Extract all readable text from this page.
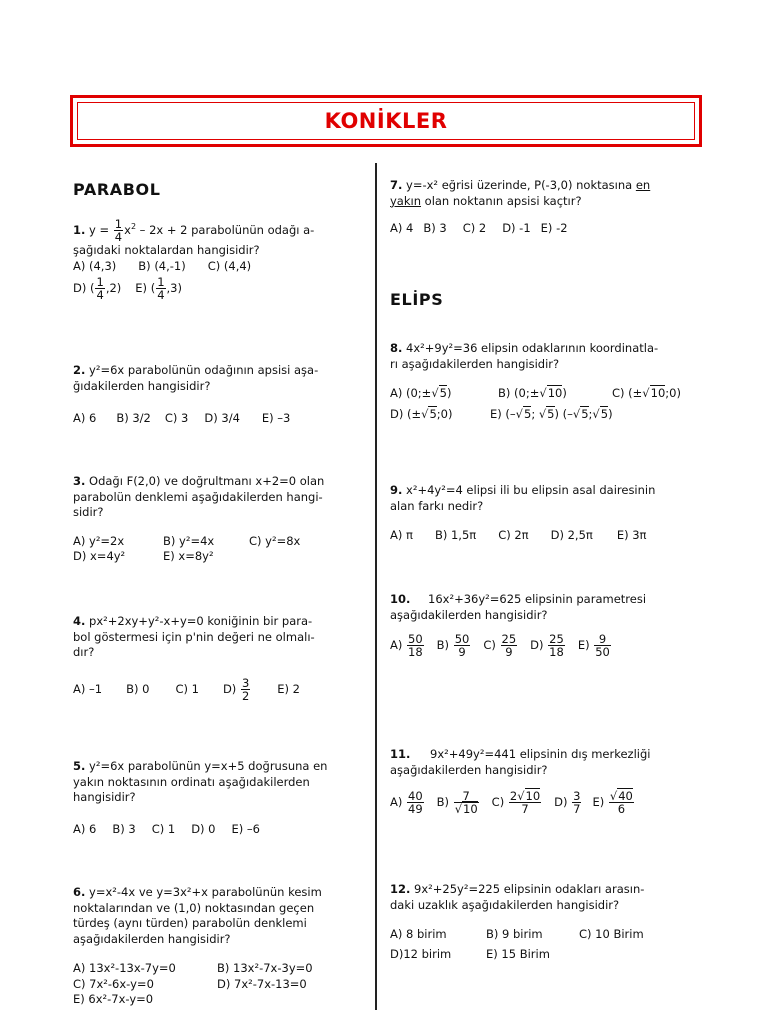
KONİKLER
PARABOL
1. $y = \frac{1}{4} x^2 - 2x + 2$ parabolünün odağı a-
şağıdaki noktalardan hangisidir?
A) (4,3) B) (4,-1) C) (4,4)
D) ( $\frac{1}{4} ,2$) E) ( $\frac{1}{4} ,3$)
2. y²=6x parabolünün odağının apsisi aşa-
ğıdakilerden hangisidir?
A) 6 B) 3/2 C) 3 D) 3/4 E) –3
3. Odağı F(2,0) ve doğrultmanı x+2=0 olan
parabolün denklemi aşağıdakilerden hangi-
sidir?
A) y²=2x	B) y²=4x	C) y²=8x
D) x=4y²	E) x=8y²
4. px²+2xy+y²-x+y=0 koniğinin bir para-
bol göstermesi için p'nin değeri ne olmalı-
dır?
A) –1 B) 0 C) 1 $D) \frac{3}{2} E$) 2
5. y²=6x parabolünün y=x+5 doğrusuna en
yakın noktasının ordinatı aşağıdakilerden
hangisidir?
A) 6 B) 3 C) 1 D) 0 E) –6
6. y=x²-4x ve y=3x²+x parabolünün kesim
noktalarından ve (1,0) noktasından geçen
türdeş (aynı türden) parabolün denklemi
aşağıdakilerden hangisidir?
A) 13x²-13x-7y=0	B) 13x²-7x-3y=0
C) 7x²-6x-y=0	D) 7x²-7x-13=0
E) 6x²-7x-y=0
7. y=-x² eğrisi üzerinde, P(-3,0) noktasına en
yakın olan noktanın apsisi kaçtır?
A) 4 B) 3 C) 2 D) -1 E) -2
ELİPS
8. 4x²+9y²=36 elipsin odaklarının koordinatla-
rı aşağıdakilerden hangisidir?
A) (0;±√5)	B) (0;±√10)	C) (±√10;0)
D) (±√5;0)	E) (–√5; √5) (–√5;√5)
9. x²+4y²=4 elipsi ili bu elipsin asal dairesinin
alan farkı nedir?
A) π B) 1,5π C) 2π D) 2,5π E) 3π
10. 16x²+36y²=625 elipsinin parametresi
aşağıdakilerden hangisidir?
$A) \frac{50}{18} B) \frac{50}{9} C) \frac{25}{9} D) \frac{25}{18} E) \frac{9}{50}$
11. 9x²+49y²=441 elipsinin dış merkezliği
aşağıdakilerden hangisidir?
$A) \frac{40}{49} B) \frac{7}{√10} C) \frac{2√10}{7} D) \frac{3}{7} E) \frac{√40}{6}$
12. 9x²+25y²=225 elipsinin odakları arasın-
daki uzaklık aşağıdakilerden hangisidir?
A) 8 birim	B) 9 birim	C) 10 Birim
D)12 birim	E) 15 Birim
